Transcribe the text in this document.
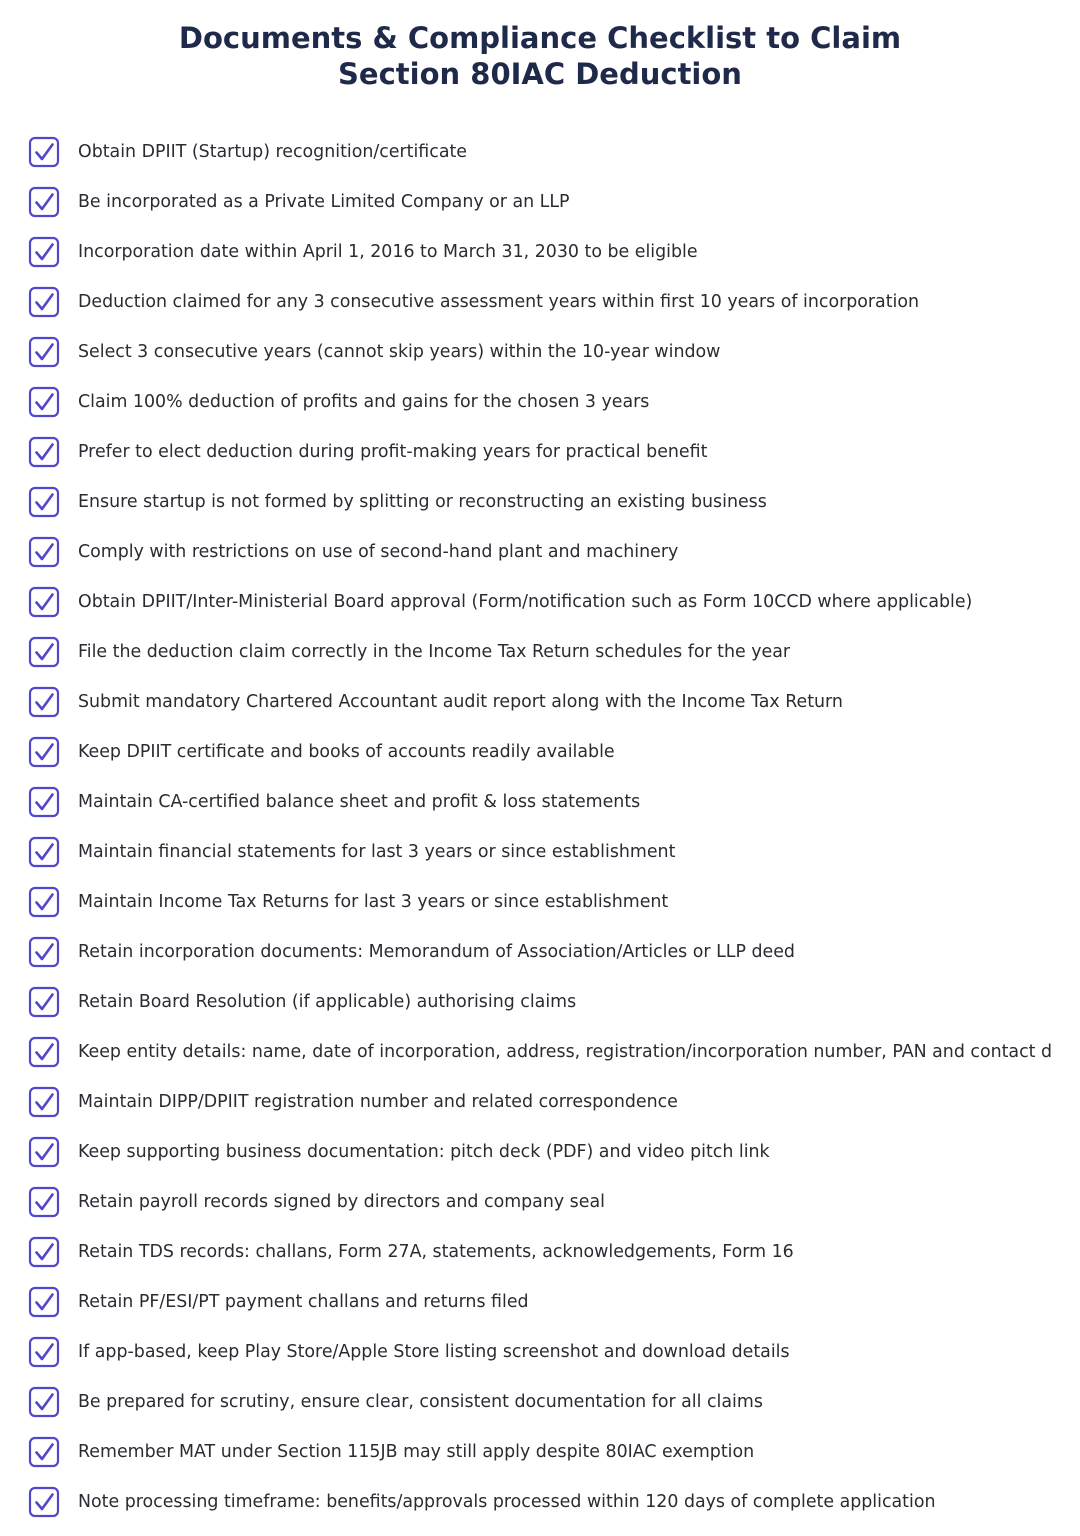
Documents & Compliance Checklist to Claim
Section 80IAC Deduction
Obtain DPIIT (Startup) recognition/certificate
Be incorporated as a Private Limited Company or an LLP
Incorporation date within April 1, 2016 to March 31, 2030 to be eligible
Deduction claimed for any 3 consecutive assessment years within first 10 years of incorporation
Select 3 consecutive years (cannot skip years) within the 10-year window
Claim 100% deduction of profits and gains for the chosen 3 years
Prefer to elect deduction during profit-making years for practical benefit
Ensure startup is not formed by splitting or reconstructing an existing business
Comply with restrictions on use of second-hand plant and machinery
Obtain DPIIT/Inter-Ministerial Board approval (Form/notification such as Form 10CCD where applicable)
File the deduction claim correctly in the Income Tax Return schedules for the year
Submit mandatory Chartered Accountant audit report along with the Income Tax Return
Keep DPIIT certificate and books of accounts readily available
Maintain CA-certified balance sheet and profit & loss statements
Maintain financial statements for last 3 years or since establishment
Maintain Income Tax Returns for last 3 years or since establishment
Retain incorporation documents: Memorandum of Association/Articles or LLP deed
Retain Board Resolution (if applicable) authorising claims
Keep entity details: name, date of incorporation, address, registration/incorporation number, PAN and contact d
Maintain DIPP/DPIIT registration number and related correspondence
Keep supporting business documentation: pitch deck (PDF) and video pitch link
Retain payroll records signed by directors and company seal
Retain TDS records: challans, Form 27A, statements, acknowledgements, Form 16
Retain PF/ESI/PT payment challans and returns filed
If app-based, keep Play Store/Apple Store listing screenshot and download details
Be prepared for scrutiny, ensure clear, consistent documentation for all claims
Remember MAT under Section 115JB may still apply despite 80IAC exemption
Note processing timeframe: benefits/approvals processed within 120 days of complete application
